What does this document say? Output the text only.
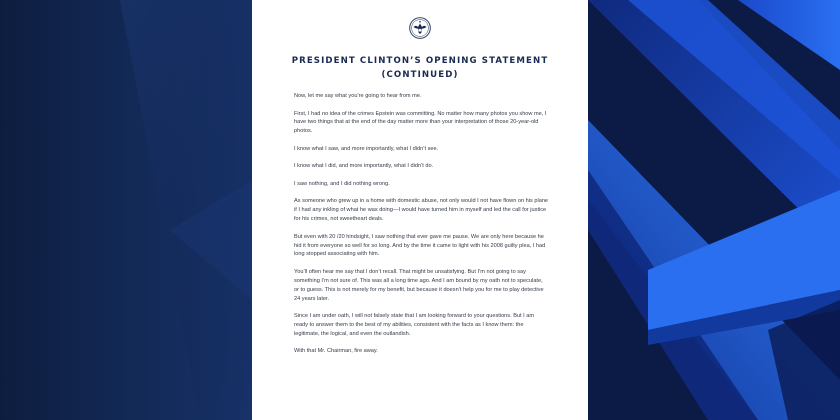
PRESIDENT CLINTON’S OPENING STATEMENT
(CONTINUED)

Now, let me say what you’re going to hear from me.

First, I had no idea of the crimes Epstein was committing. No matter how many photos you show me, I have two things that at the end of the day matter more than your interpretation of those 20-year-old photos.

I know what I saw, and more importantly, what I didn’t see.

I know what I did, and more importantly, what I didn’t do.

I saw nothing, and I did nothing wrong.

As someone who grew up in a home with domestic abuse, not only would I not have flown on his plane if I had any inkling of what he was doing—I would have turned him in myself and led the call for justice for his crimes, not sweetheart deals.

But even with 20 /20 hindsight, I saw nothing that ever gave me pause. We are only here because he hid it from everyone so well for so long. And by the time it came to light with his 2008 guilty plea, I had long stopped associating with him.

You’ll often hear me say that I don’t recall. That might be unsatisfying. But I’m not going to say something I’m not sure of. This was all a long time ago. And I am bound by my oath not to speculate, or to guess. This is not merely for my benefit, but because it doesn’t help you for me to play detective 24 years later.

Since I am under oath, I will not falsely state that I am looking forward to your questions. But I am ready to answer them to the best of my abilities, consistent with the facts as I know them: the legitimate, the logical, and even the outlandish.

With that Mr. Chairman, fire away.
